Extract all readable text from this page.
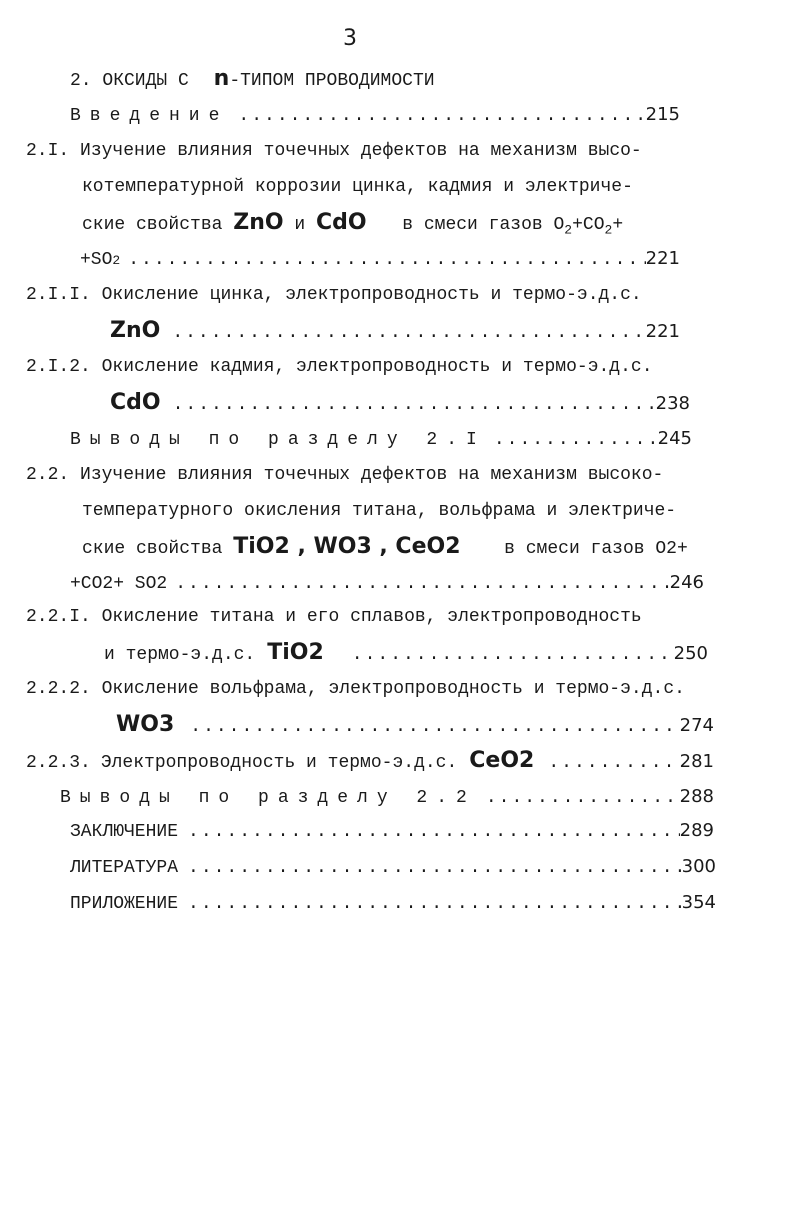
3
2. ОКСИДЫ С n-ТИПОМ ПРОВОДИМОСТИ
Введение .....	215
2.I. Изучение влияния точечных дефектов на механизм высо-
котемпературной коррозии цинка, кадмия и электриче-
ские свойства ZnO и CdO в смеси газов $O_2+CO_2+$
+SO 2 .....	221
2.I.I. Окисление цинка, электропроводность и термо-э.д.с.
ZnO .....	221
2.I.2. Окисление кадмия, электропроводность и термо-э.д.с.
CdO .....	238
Выводы по разделу 2.I .....	245
2.2. Изучение влияния точечных дефектов на механизм высоко-
температурного окисления титана, вольфрама и электриче-
ские свойства TiO2 , WO3 , CeO2 в смеси газов O2+
+CO2+ SO2 .....	246
2.2.I. Окисление титана и его сплавов, электропроводность
и термо-э.д.с. TiO2 .....	250
2.2.2. Окисление вольфрама, электропроводность и термо-э.д.с.
WO3 .....	274
2.2.3. Электропроводность и термо-э.д.с. CeO2 .....	281
Выводы по разделу 2.2 .....	288
ЗАКЛЮЧЕНИЕ .....	289
ЛИТЕРАТУРА .....	300
ПРИЛОЖЕНИЕ .....	354
